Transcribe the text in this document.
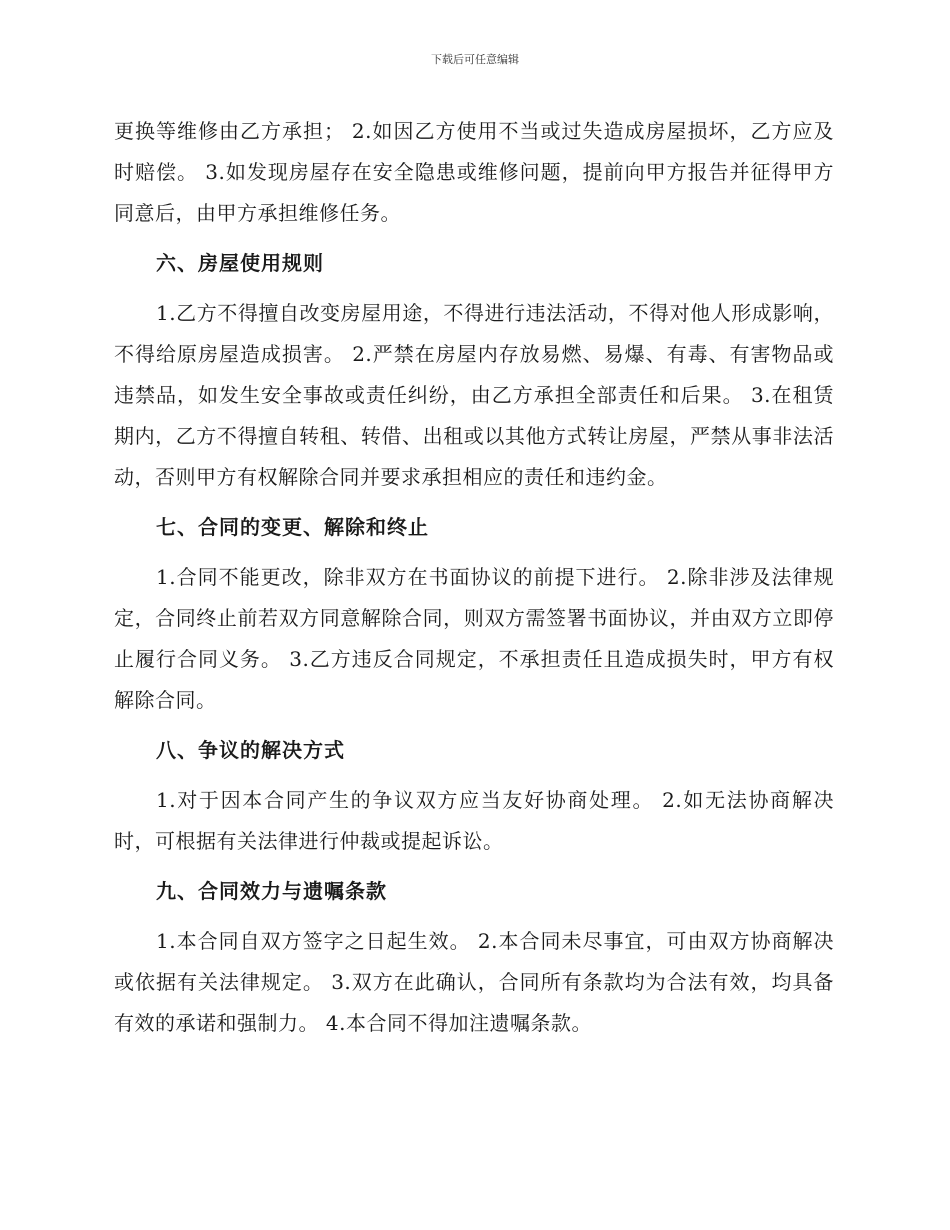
下载后可任意编辑

更换等维修由乙方承担； 2.如因乙方使用不当或过失造成房屋损坏，乙方应及时赔偿。 3.如发现房屋存在安全隐患或维修问题，提前向甲方报告并征得甲方同意后，由甲方承担维修任务。

六、房屋使用规则

1.乙方不得擅自改变房屋用途，不得进行违法活动，不得对他人形成影响，不得给原房屋造成损害。 2.严禁在房屋内存放易燃、易爆、有毒、有害物品或违禁品，如发生安全事故或责任纠纷，由乙方承担全部责任和后果。 3.在租赁期内，乙方不得擅自转租、转借、出租或以其他方式转让房屋，严禁从事非法活动，否则甲方有权解除合同并要求承担相应的责任和违约金。

七、合同的变更、解除和终止

1.合同不能更改，除非双方在书面协议的前提下进行。 2.除非涉及法律规定，合同终止前若双方同意解除合同，则双方需签署书面协议，并由双方立即停止履行合同义务。 3.乙方违反合同规定，不承担责任且造成损失时，甲方有权解除合同。

八、争议的解决方式

1.对于因本合同产生的争议双方应当友好协商处理。 2.如无法协商解决时，可根据有关法律进行仲裁或提起诉讼。

九、合同效力与遗嘱条款

1.本合同自双方签字之日起生效。 2.本合同未尽事宜，可由双方协商解决或依据有关法律规定。 3.双方在此确认，合同所有条款均为合法有效，均具备有效的承诺和强制力。 4.本合同不得加注遗嘱条款。
